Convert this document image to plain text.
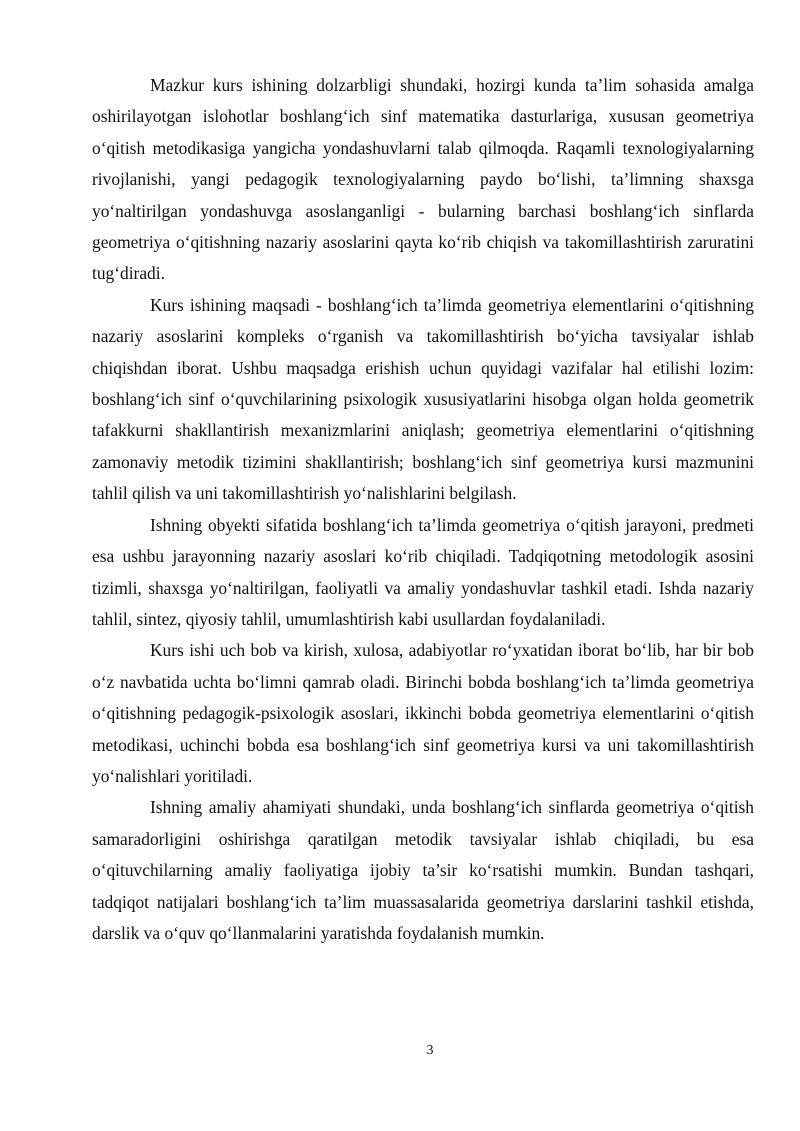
Mazkur kurs ishining dolzarbligi shundaki, hozirgi kunda ta’lim sohasida amalga oshirilayotgan islohotlar boshlang‘ich sinf matematika dasturlariga, xususan geometriya o‘qitish metodikasiga yangicha yondashuvlarni talab qilmoqda. Raqamli texnologiyalarning rivojlanishi, yangi pedagogik texnologiyalarning paydo bo‘lishi, ta’limning shaxsga yo‘naltirilgan yondashuvga asoslanganligi - bularning barchasi boshlang‘ich sinflarda geometriya o‘qitishning nazariy asoslarini qayta ko‘rib chiqish va takomillashtirish zaruratini tug‘diradi.

Kurs ishining maqsadi - boshlang‘ich ta’limda geometriya elementlarini o‘qitishning nazariy asoslarini kompleks o‘rganish va takomillashtirish bo‘yicha tavsiyalar ishlab chiqishdan iborat. Ushbu maqsadga erishish uchun quyidagi vazifalar hal etilishi lozim: boshlang‘ich sinf o‘quvchilarining psixologik xususiyatlarini hisobga olgan holda geometrik tafakkurni shakllantirish mexanizmlarini aniqlash; geometriya elementlarini o‘qitishning zamonaviy metodik tizimini shakllantirish; boshlang‘ich sinf geometriya kursi mazmunini tahlil qilish va uni takomillashtirish yo‘nalishlarini belgilash.

Ishning obyekti sifatida boshlang‘ich ta’limda geometriya o‘qitish jarayoni, predmeti esa ushbu jarayonning nazariy asoslari ko‘rib chiqiladi. Tadqiqotning metodologik asosini tizimli, shaxsga yo‘naltirilgan, faoliyatli va amaliy yondashuvlar tashkil etadi. Ishda nazariy tahlil, sintez, qiyosiy tahlil, umumlashtirish kabi usullardan foydalaniladi.

Kurs ishi uch bob va kirish, xulosa, adabiyotlar ro‘yxatidan iborat bo‘lib, har bir bob o‘z navbatida uchta bo‘limni qamrab oladi. Birinchi bobda boshlang‘ich ta’limda geometriya o‘qitishning pedagogik-psixologik asoslari, ikkinchi bobda geometriya elementlarini o‘qitish metodikasi, uchinchi bobda esa boshlang‘ich sinf geometriya kursi va uni takomillashtirish yo‘nalishlari yoritiladi.

Ishning amaliy ahamiyati shundaki, unda boshlang‘ich sinflarda geometriya o‘qitish samaradorligini oshirishga qaratilgan metodik tavsiyalar ishlab chiqiladi, bu esa o‘qituvchilarning amaliy faoliyatiga ijobiy ta’sir ko‘rsatishi mumkin. Bundan tashqari, tadqiqot natijalari boshlang‘ich ta’lim muassasalarida geometriya darslarini tashkil etishda, darslik va o‘quv qo‘llanmalarini yaratishda foydalanish mumkin.

3
